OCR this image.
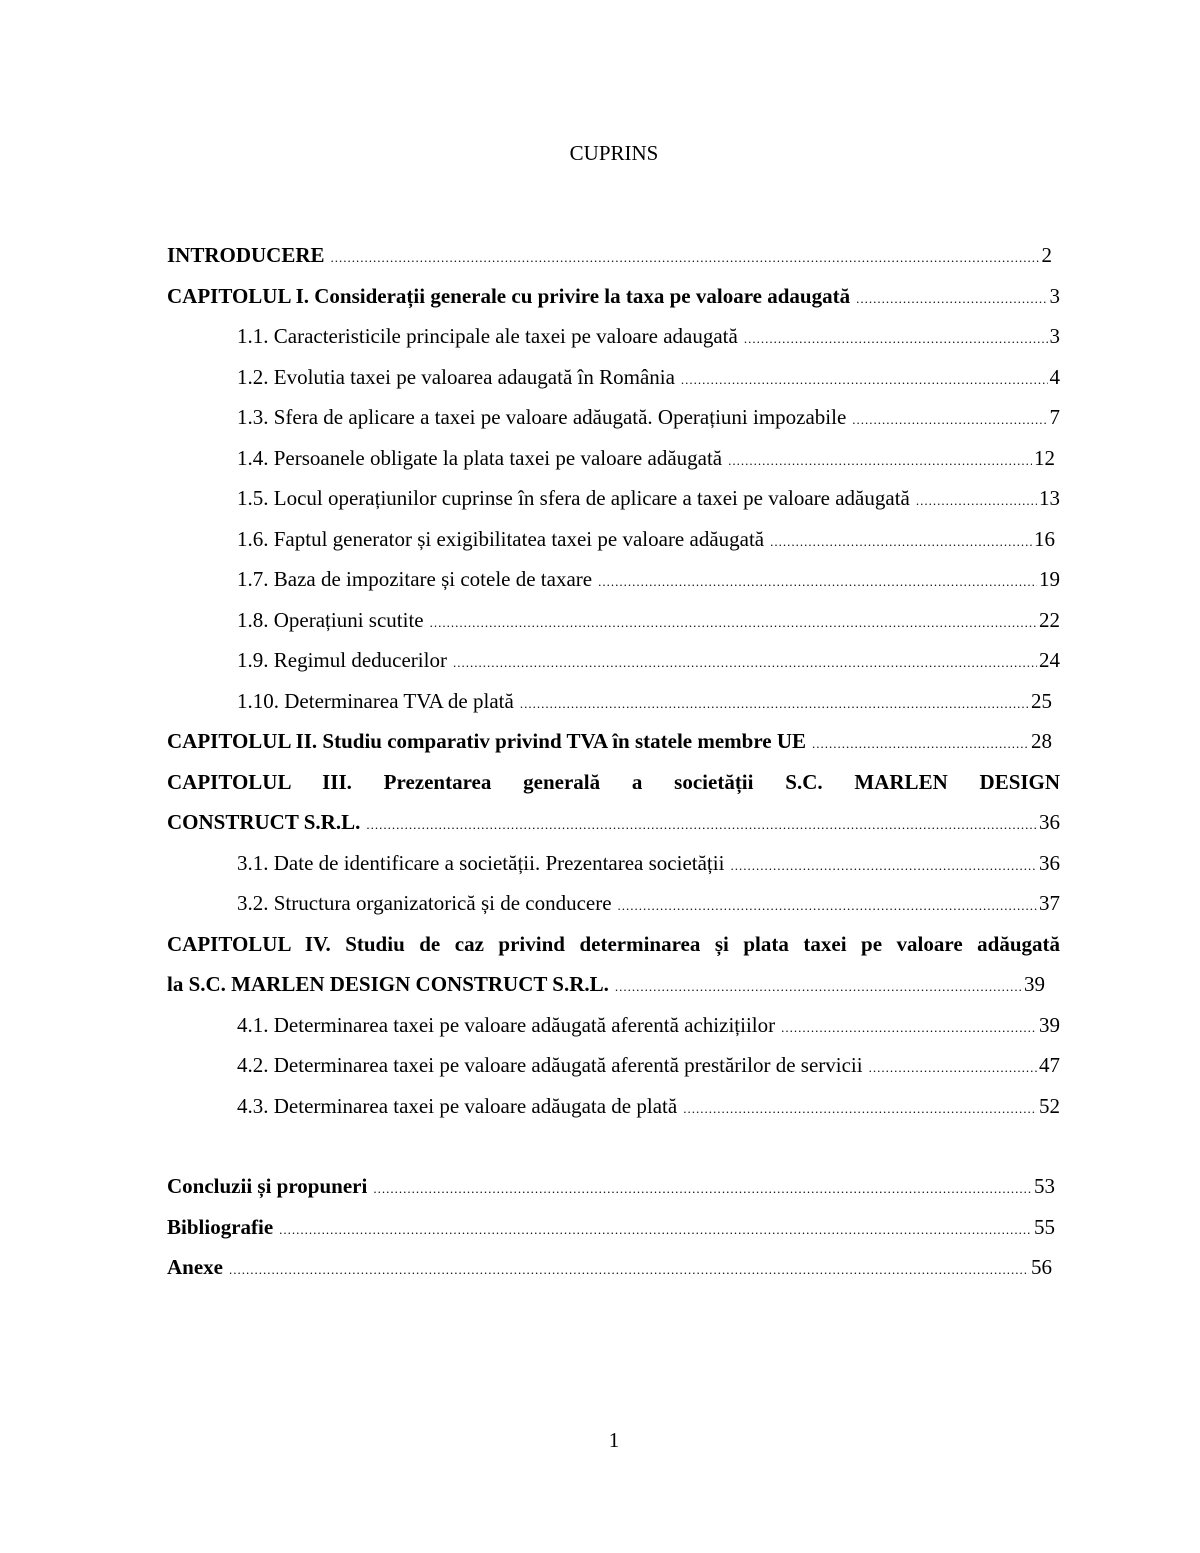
CUPRINS
INTRODUCERE .....	2
CAPITOLUL I. Considerații generale cu privire la taxa pe valoare adaugată .....	3
1.1. Caracteristicile principale ale taxei pe valoare adaugată .....	3
1.2. Evolutia taxei pe valoarea adaugată în România .....	4
1.3. Sfera de aplicare a taxei pe valoare adăugată. Operațiuni impozabile .....	7
1.4. Persoanele obligate la plata taxei pe valoare adăugată .....	12
1.5. Locul operațiunilor cuprinse în sfera de aplicare a taxei pe valoare adăugată .....	13
1.6. Faptul generator și exigibilitatea taxei pe valoare adăugată .....	16
1.7. Baza de impozitare și cotele de taxare .....	19
1.8. Operațiuni scutite .....	22
1.9. Regimul deducerilor .....	24
1.10. Determinarea TVA de plată .....	25
CAPITOLUL II. Studiu comparativ privind TVA în statele membre UE .....	28
CAPITOLUL III. Prezentarea generală a societății S.C. MARLEN DESIGN
CONSTRUCT S.R.L. .....	36
3.1. Date de identificare a societății. Prezentarea societății .....	36
3.2. Structura organizatorică și de conducere .....	37
CAPITOLUL IV. Studiu de caz privind determinarea și plata taxei pe valoare adăugată
la S.C. MARLEN DESIGN CONSTRUCT S.R.L. .....	39
4.1. Determinarea taxei pe valoare adăugată aferentă achizițiilor .....	39
4.2. Determinarea taxei pe valoare adăugată aferentă prestărilor de servicii .....	47
4.3. Determinarea taxei pe valoare adăugata de plată .....	52
Concluzii și propuneri .....	53
Bibliografie .....	55
Anexe .....	56
1
